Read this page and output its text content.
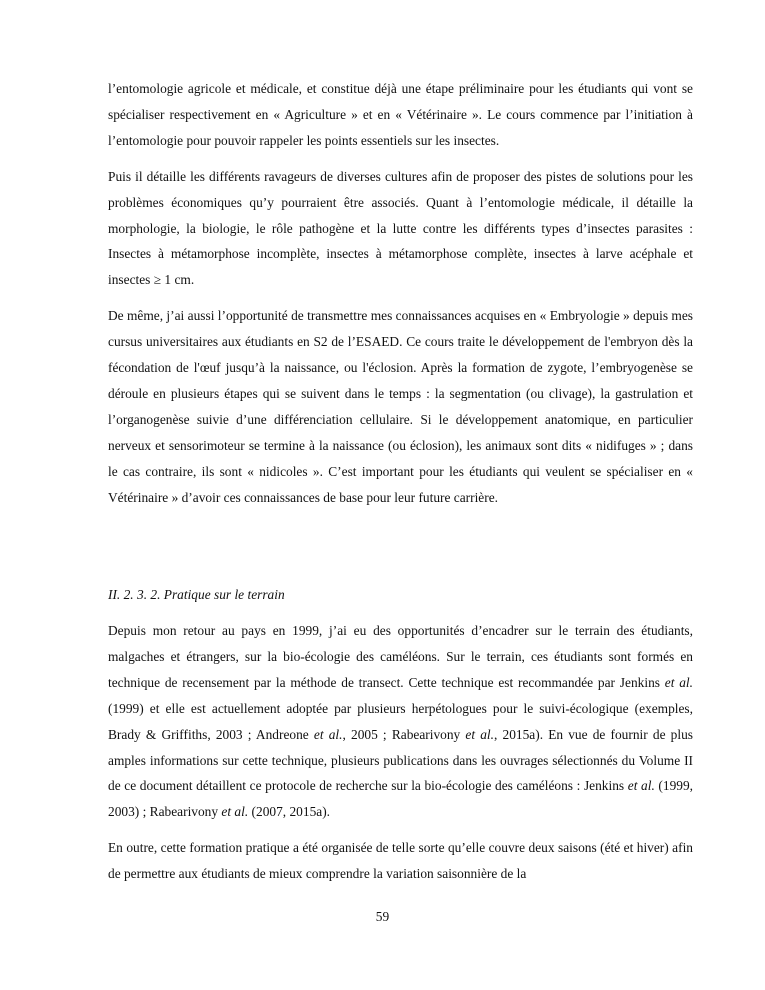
l’entomologie agricole et médicale, et constitue déjà une étape préliminaire pour les étudiants qui vont se spécialiser respectivement en « Agriculture » et en « Vétérinaire ». Le cours commence par l’initiation à l’entomologie pour pouvoir rappeler les points essentiels sur les insectes.

Puis il détaille les différents ravageurs de diverses cultures afin de proposer des pistes de solutions pour les problèmes économiques qu’y pourraient être associés. Quant à l’entomologie médicale, il détaille la morphologie, la biologie, le rôle pathogène et la lutte contre les différents types d’insectes parasites : Insectes à métamorphose incomplète, insectes à métamorphose complète, insectes à larve acéphale et insectes ≥ 1 cm.

De même, j’ai aussi l’opportunité de transmettre mes connaissances acquises en « Embryologie » depuis mes cursus universitaires aux étudiants en S2 de l’ESAED. Ce cours traite le développement de l'embryon dès la fécondation de l'œuf jusqu’à la naissance, ou l'éclosion. Après la formation de zygote, l’embryogenèse se déroule en plusieurs étapes qui se suivent dans le temps : la segmentation (ou clivage), la gastrulation et l’organogenèse suivie d’une différenciation cellulaire. Si le développement anatomique, en particulier nerveux et sensorimoteur se termine à la naissance (ou éclosion), les animaux sont dits « nidifuges » ; dans le cas contraire, ils sont « nidicoles ». C’est important pour les étudiants qui veulent se spécialiser en « Vétérinaire » d’avoir ces connaissances de base pour leur future carrière.

II. 2. 3. 2. Pratique sur le terrain

Depuis mon retour au pays en 1999, j’ai eu des opportunités d’encadrer sur le terrain des étudiants, malgaches et étrangers, sur la bio-écologie des caméléons. Sur le terrain, ces étudiants sont formés en technique de recensement par la méthode de transect. Cette technique est recommandée par Jenkins et al. (1999) et elle est actuellement adoptée par plusieurs herpétologues pour le suivi-écologique (exemples, Brady & Griffiths, 2003 ; Andreone et al., 2005 ; Rabearivony et al., 2015a). En vue de fournir de plus amples informations sur cette technique, plusieurs publications dans les ouvrages sélectionnés du Volume II de ce document détaillent ce protocole de recherche sur la bio-écologie des caméléons : Jenkins et al. (1999, 2003) ; Rabearivony et al. (2007, 2015a).

En outre, cette formation pratique a été organisée de telle sorte qu’elle couvre deux saisons (été et hiver) afin de permettre aux étudiants de mieux comprendre la variation saisonnière de la

59
